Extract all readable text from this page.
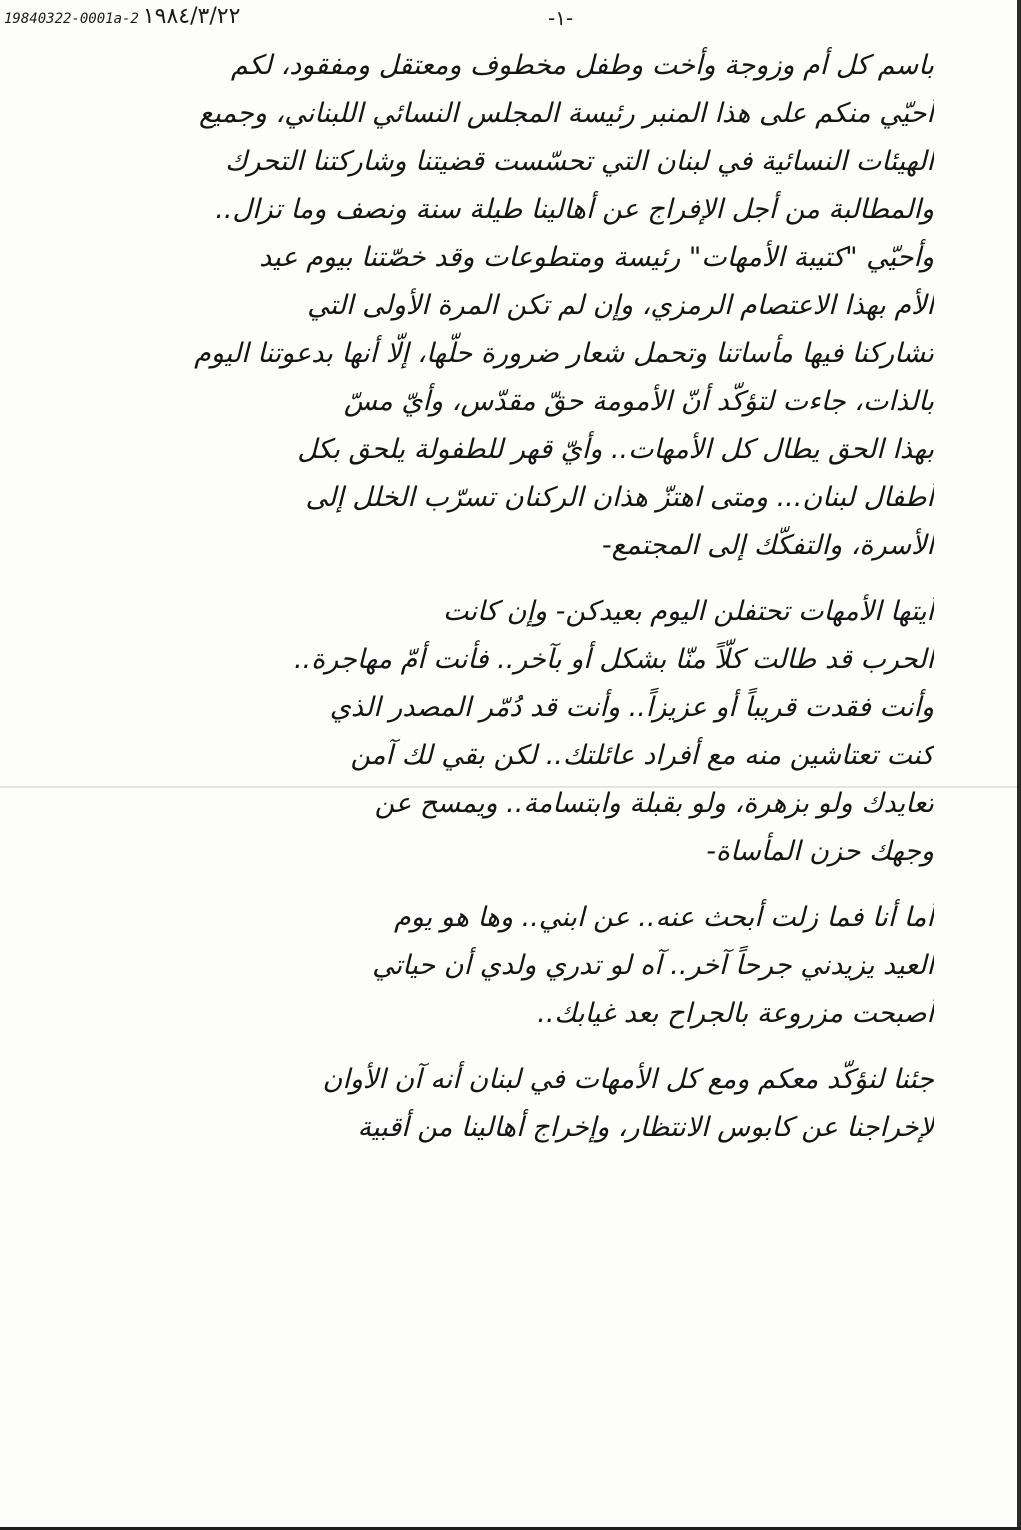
19840322-0001a-2 ١٩٨٤/٣/٢٢	-١-
باسم كل أم وزوجة وأخت وطفل مخطوف ومعتقل ومفقود، لكم
أحيّي منكم على هذا المنبر رئيسة المجلس النسائي اللبناني، وجميع
الهيئات النسائية في لبنان التي تحسّست قضيتنا وشاركتنا التحرك
والمطالبة من أجل الإفراج عن أهالينا طيلة سنة ونصف وما تزال..
وأحيّي "كتيبة الأمهات" رئيسة ومتطوعات وقد خصّتنا بيوم عيد
الأم بهذا الاعتصام الرمزي، وإن لم تكن المرة الأولى التي
تشاركنا فيها مأساتنا وتحمل شعار ضرورة حلّها، إلّا أنها بدعوتنا اليوم
بالذات، جاءت لتؤكّد أنّ الأمومة حقّ مقدّس، وأيّ مسّ
بهذا الحق يطال كل الأمهات.. وأيّ قهر للطفولة يلحق بكل
أطفال لبنان... ومتى اهتزّ هذان الركنان تسرّب الخلل إلى
الأسرة، والتفكّك إلى المجتمع-
أيتها الأمهات تحتفلن اليوم بعيدكن- وإن كانت
الحرب قد طالت كلّاً منّا بشكل أو بآخر.. فأنت أمّ مهاجرة..
وأنت فقدت قريباً أو عزيزاً.. وأنت قد دُمّر المصدر الذي
كنت تعتاشين منه مع أفراد عائلتك.. لكن بقي لك آمن
تعايدك ولو بزهرة، ولو بقبلة وابتسامة.. ويمسح عن
وجهك حزن المأساة-
أما أنا فما زلت أبحث عنه.. عن ابني.. وها هو يوم
العيد يزيدني جرحاً آخر.. آه لو تدري ولدي أن حياتي
أصبحت مزروعة بالجراح بعد غيابك..
جئنا لنؤكّد معكم ومع كل الأمهات في لبنان أنه آن الأوان
لإخراجنا عن كابوس الانتظار، وإخراج أهالينا من أقبية
